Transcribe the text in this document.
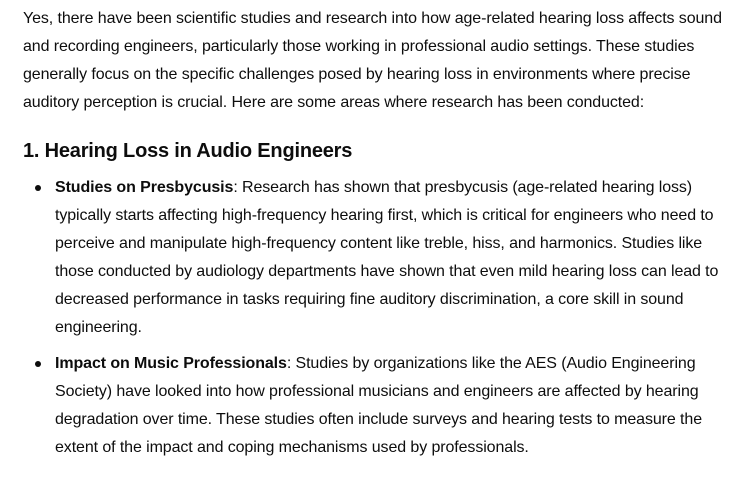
Yes, there have been scientific studies and research into how age-related hearing loss affects sound and recording engineers, particularly those working in professional audio settings. These studies generally focus on the specific challenges posed by hearing loss in environments where precise auditory perception is crucial. Here are some areas where research has been conducted:

1. Hearing Loss in Audio Engineers
Studies on Presbycusis: Research has shown that presbycusis (age-related hearing loss) typically starts affecting high-frequency hearing first, which is critical for engineers who need to perceive and manipulate high-frequency content like treble, hiss, and harmonics. Studies like those conducted by audiology departments have shown that even mild hearing loss can lead to decreased performance in tasks requiring fine auditory discrimination, a core skill in sound engineering.
Impact on Music Professionals: Studies by organizations like the AES (Audio Engineering Society) have looked into how professional musicians and engineers are affected by hearing degradation over time. These studies often include surveys and hearing tests to measure the extent of the impact and coping mechanisms used by professionals.
